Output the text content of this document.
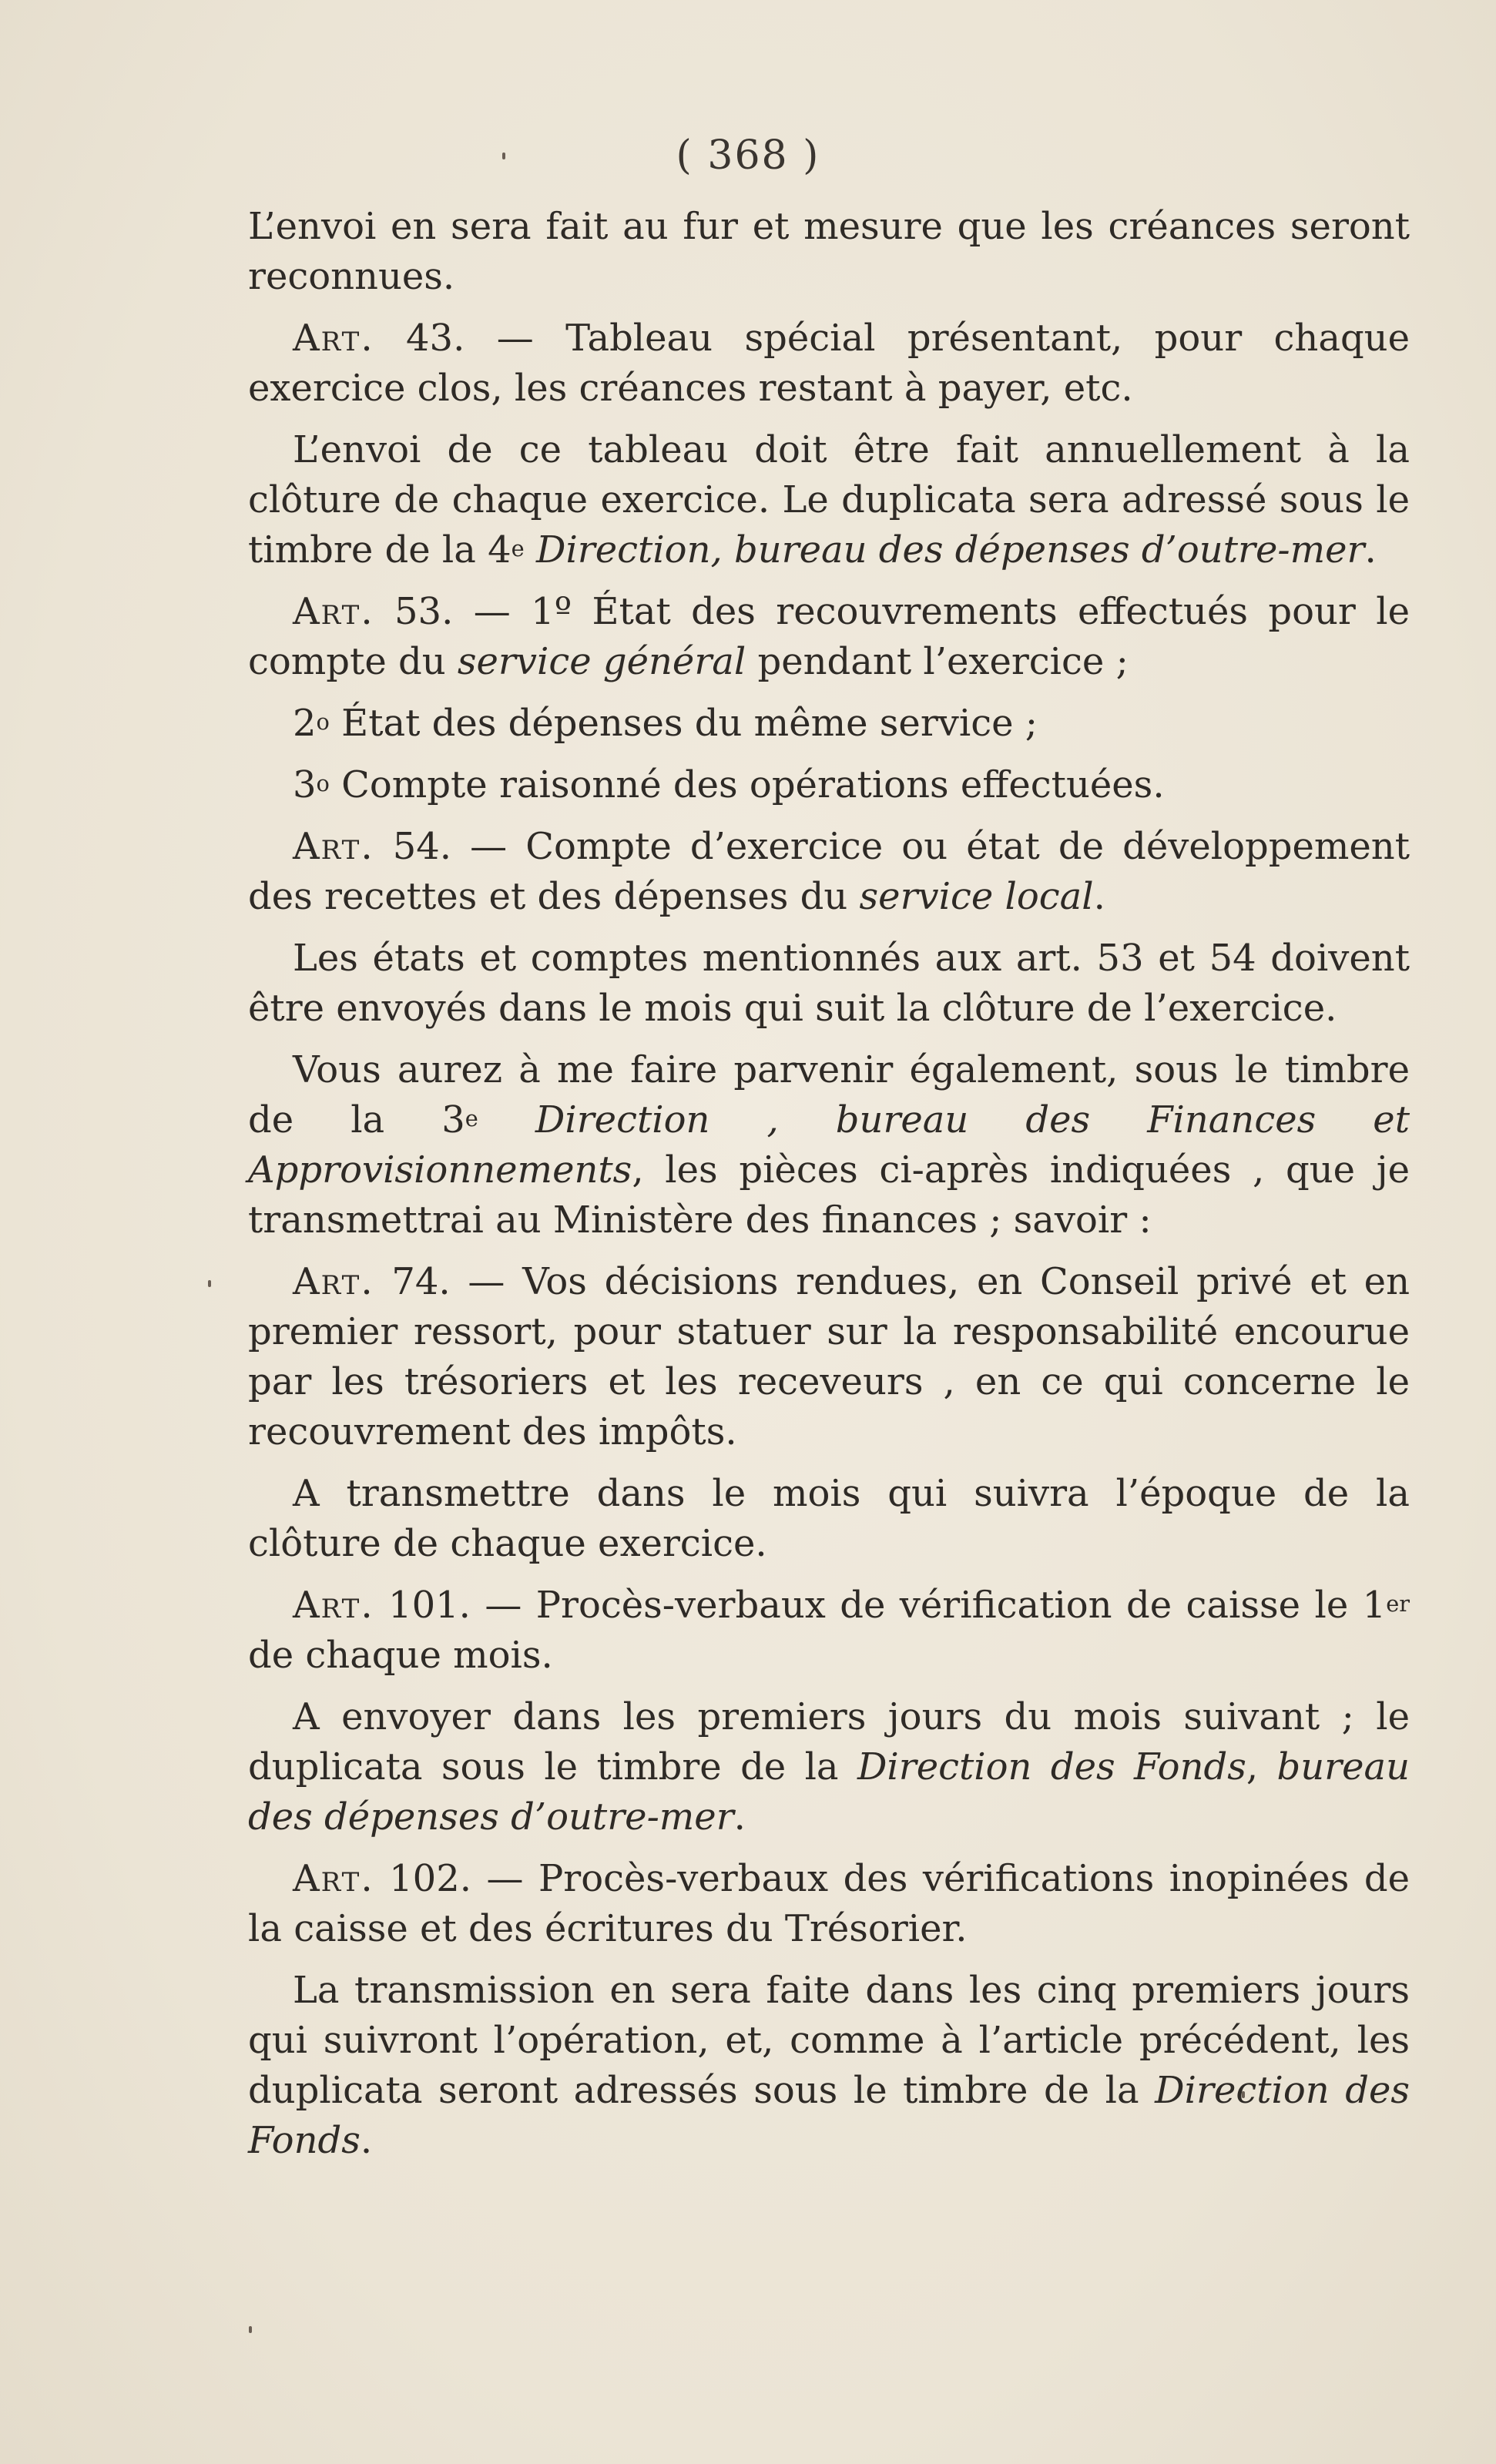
( 368 )

L’envoi en sera fait au fur et mesure que les créances seront reconnues.

Art. 43. — Tableau spécial présentant, pour chaque exercice clos, les créances restant à payer, etc.

L’envoi de ce tableau doit être fait annuellement à la clôture de chaque exercice. Le duplicata sera adressé sous le timbre de la 4e Direction, bureau des dépenses d’outre-mer.

Art. 53. — 1º État des recouvrements effectués pour le compte du service général pendant l’exercice ;

2$^o$ État des dépenses du même service ;

3$^o$ Compte raisonné des opérations effectuées.

Art. 54. — Compte d’exercice ou état de développement des recettes et des dépenses du service local.

Les états et comptes mentionnés aux art. 53 et 54 doivent être envoyés dans le mois qui suit la clôture de l’exercice.

Vous aurez à me faire parvenir également, sous le timbre de la 3e Direction , bureau des Finances et Approvisionnements, les pièces ci-après indiquées , que je transmettrai au Ministère des finances ; savoir :

Art. 74. — Vos décisions rendues, en Conseil privé et en premier ressort, pour statuer sur la responsabilité encourue par les trésoriers et les receveurs , en ce qui concerne le recouvrement des impôts.

A transmettre dans le mois qui suivra l’époque de la clôture de chaque exercice.

Art. 101. — Procès-verbaux de vérification de caisse le 1er de chaque mois.

A envoyer dans les premiers jours du mois suivant ; le duplicata sous le timbre de la Direction des Fonds, bureau des dépenses d’outre-mer.

Art. 102. — Procès-verbaux des vérifications inopinées de la caisse et des écritures du Trésorier.

La transmission en sera faite dans les cinq premiers jours qui suivront l’opération, et, comme à l’article précédent, les duplicata seront adressés sous le timbre de la Direction des Fonds.
